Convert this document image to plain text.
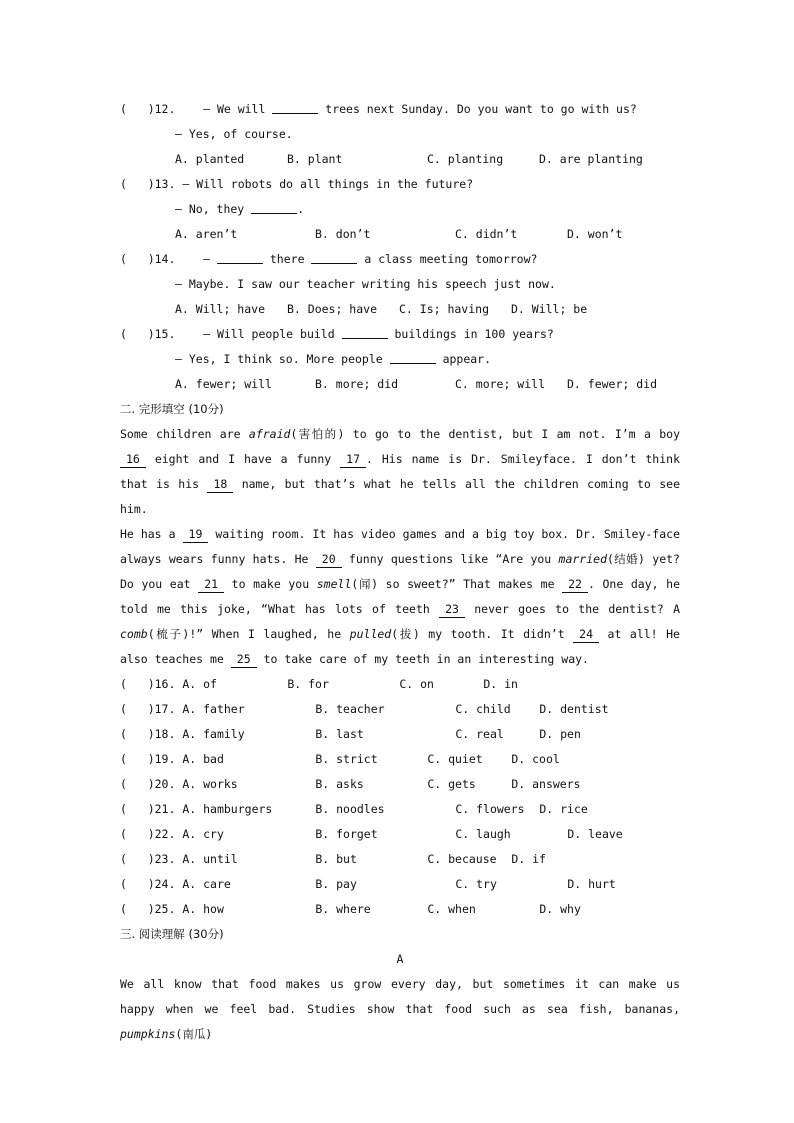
(   )12. — We will	trees next Sunday. Do you want to go with us?
— Yes, of course.
A. planted	B. plant	C. planting	D. are planting
(   )13. — Will robots do all things in the future?
— No, they	.
A. aren’t	B. don’t	C. didn’t	D. won’t
(   )14. —	there	a class meeting tomorrow?
— Maybe. I saw our teacher writing his speech just now.
A. Will; have B. Does; have C. Is; having D. Will; be
(   )15. — Will people build	buildings in 100 years?
— Yes, I think so. More people	appear.
A. fewer; will	B. more; did	C. more; will D. fewer; did
二. 完形填空 (10分)
Some children are afraid(害怕的) to go to the dentist, but I am not. I’m a boy 16 eight and I have a funny 17 . His name is Dr. Smileyface. I don’t think that is his 18 name, but that’s what he tells all the children coming to see him.
He has a 19 waiting room. It has video games and a big toy box. Dr. Smiley-face always wears funny hats. He 20 funny questions like “Are you married(结婚) yet? Do you eat 21 to make you smell(闻) so sweet?” That makes me 22 . One day, he told me this joke, “What has lots of teeth 23 never goes to the dentist? A comb(梳子)!” When I laughed, he pulled(拔) my tooth. It didn’t 24 at all! He also teaches me 25 to take care of my teeth in an interesting way.
(   )16. A. of	B. for	C. on	D. in
(   )17. A. father	B. teacher	C. child D. dentist
(   )18. A. family	B. last	C. real	D. pen
(   )19. A. bad	B. strict	C. quiet D. cool
(   )20. A. works	B. asks	C. gets	D. answers
(   )21. A. hamburgers	B. noodles	C. flowers D. rice
(   )22. A. cry	B. forget	C. laugh	D. leave
(   )23. A. until	B. but	C. because D. if
(   )24. A. care	B. pay	C. try	D. hurt
(   )25. A. how	B. where	C. when	D. why
三. 阅读理解 (30分)
A
We all know that food makes us grow every day, but sometimes it can make us happy when we feel bad. Studies show that food such as sea fish, bananas, pumpkins(南瓜)
